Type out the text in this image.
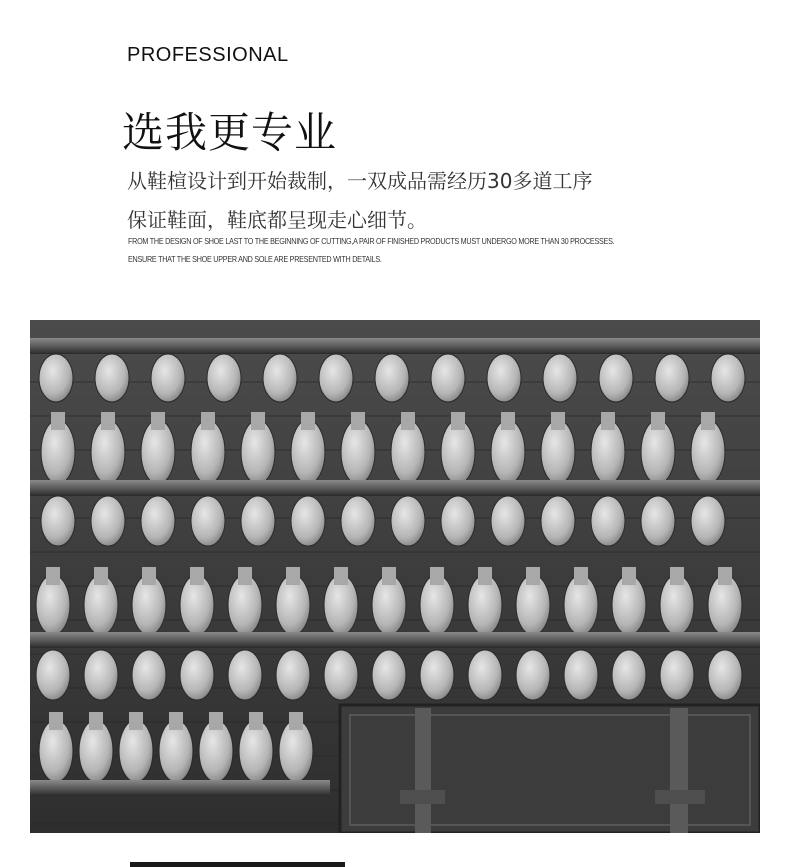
PROFESSIONAL
选我更专业
从鞋楦设计到开始裁制，一双成品需经历30多道工序
保证鞋面，鞋底都呈现走心细节。
FROM THE DESIGN OF SHOE LAST TO THE BEGINNING OF CUTTING,A PAIR OF FINISHED PRODUCTS MUST UNDERGO MORE THAN 30 PROCESSES.
ENSURE THAT THE SHOE UPPER AND SOLE ARE PRESENTED WITH DETAILS.
